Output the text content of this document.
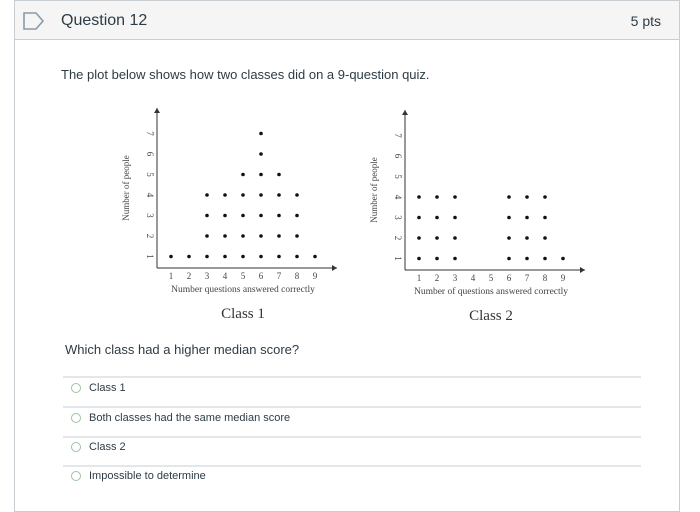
Question 12	5 pts
The plot below shows how two classes did on a 9-question quiz.
1
2
3
4
5
6
7
1 2 3 4 5 6 7 8 9
Number of people
Number questions answered correctly
Class 1
1
2
3
4
5
6
7
1 2 3 4 5 6 7 8 9
Number of people
Number of questions answered correctly
Class 2
Which class had a higher median score?
Class 1
Both classes had the same median score
Class 2
Impossible to determine
